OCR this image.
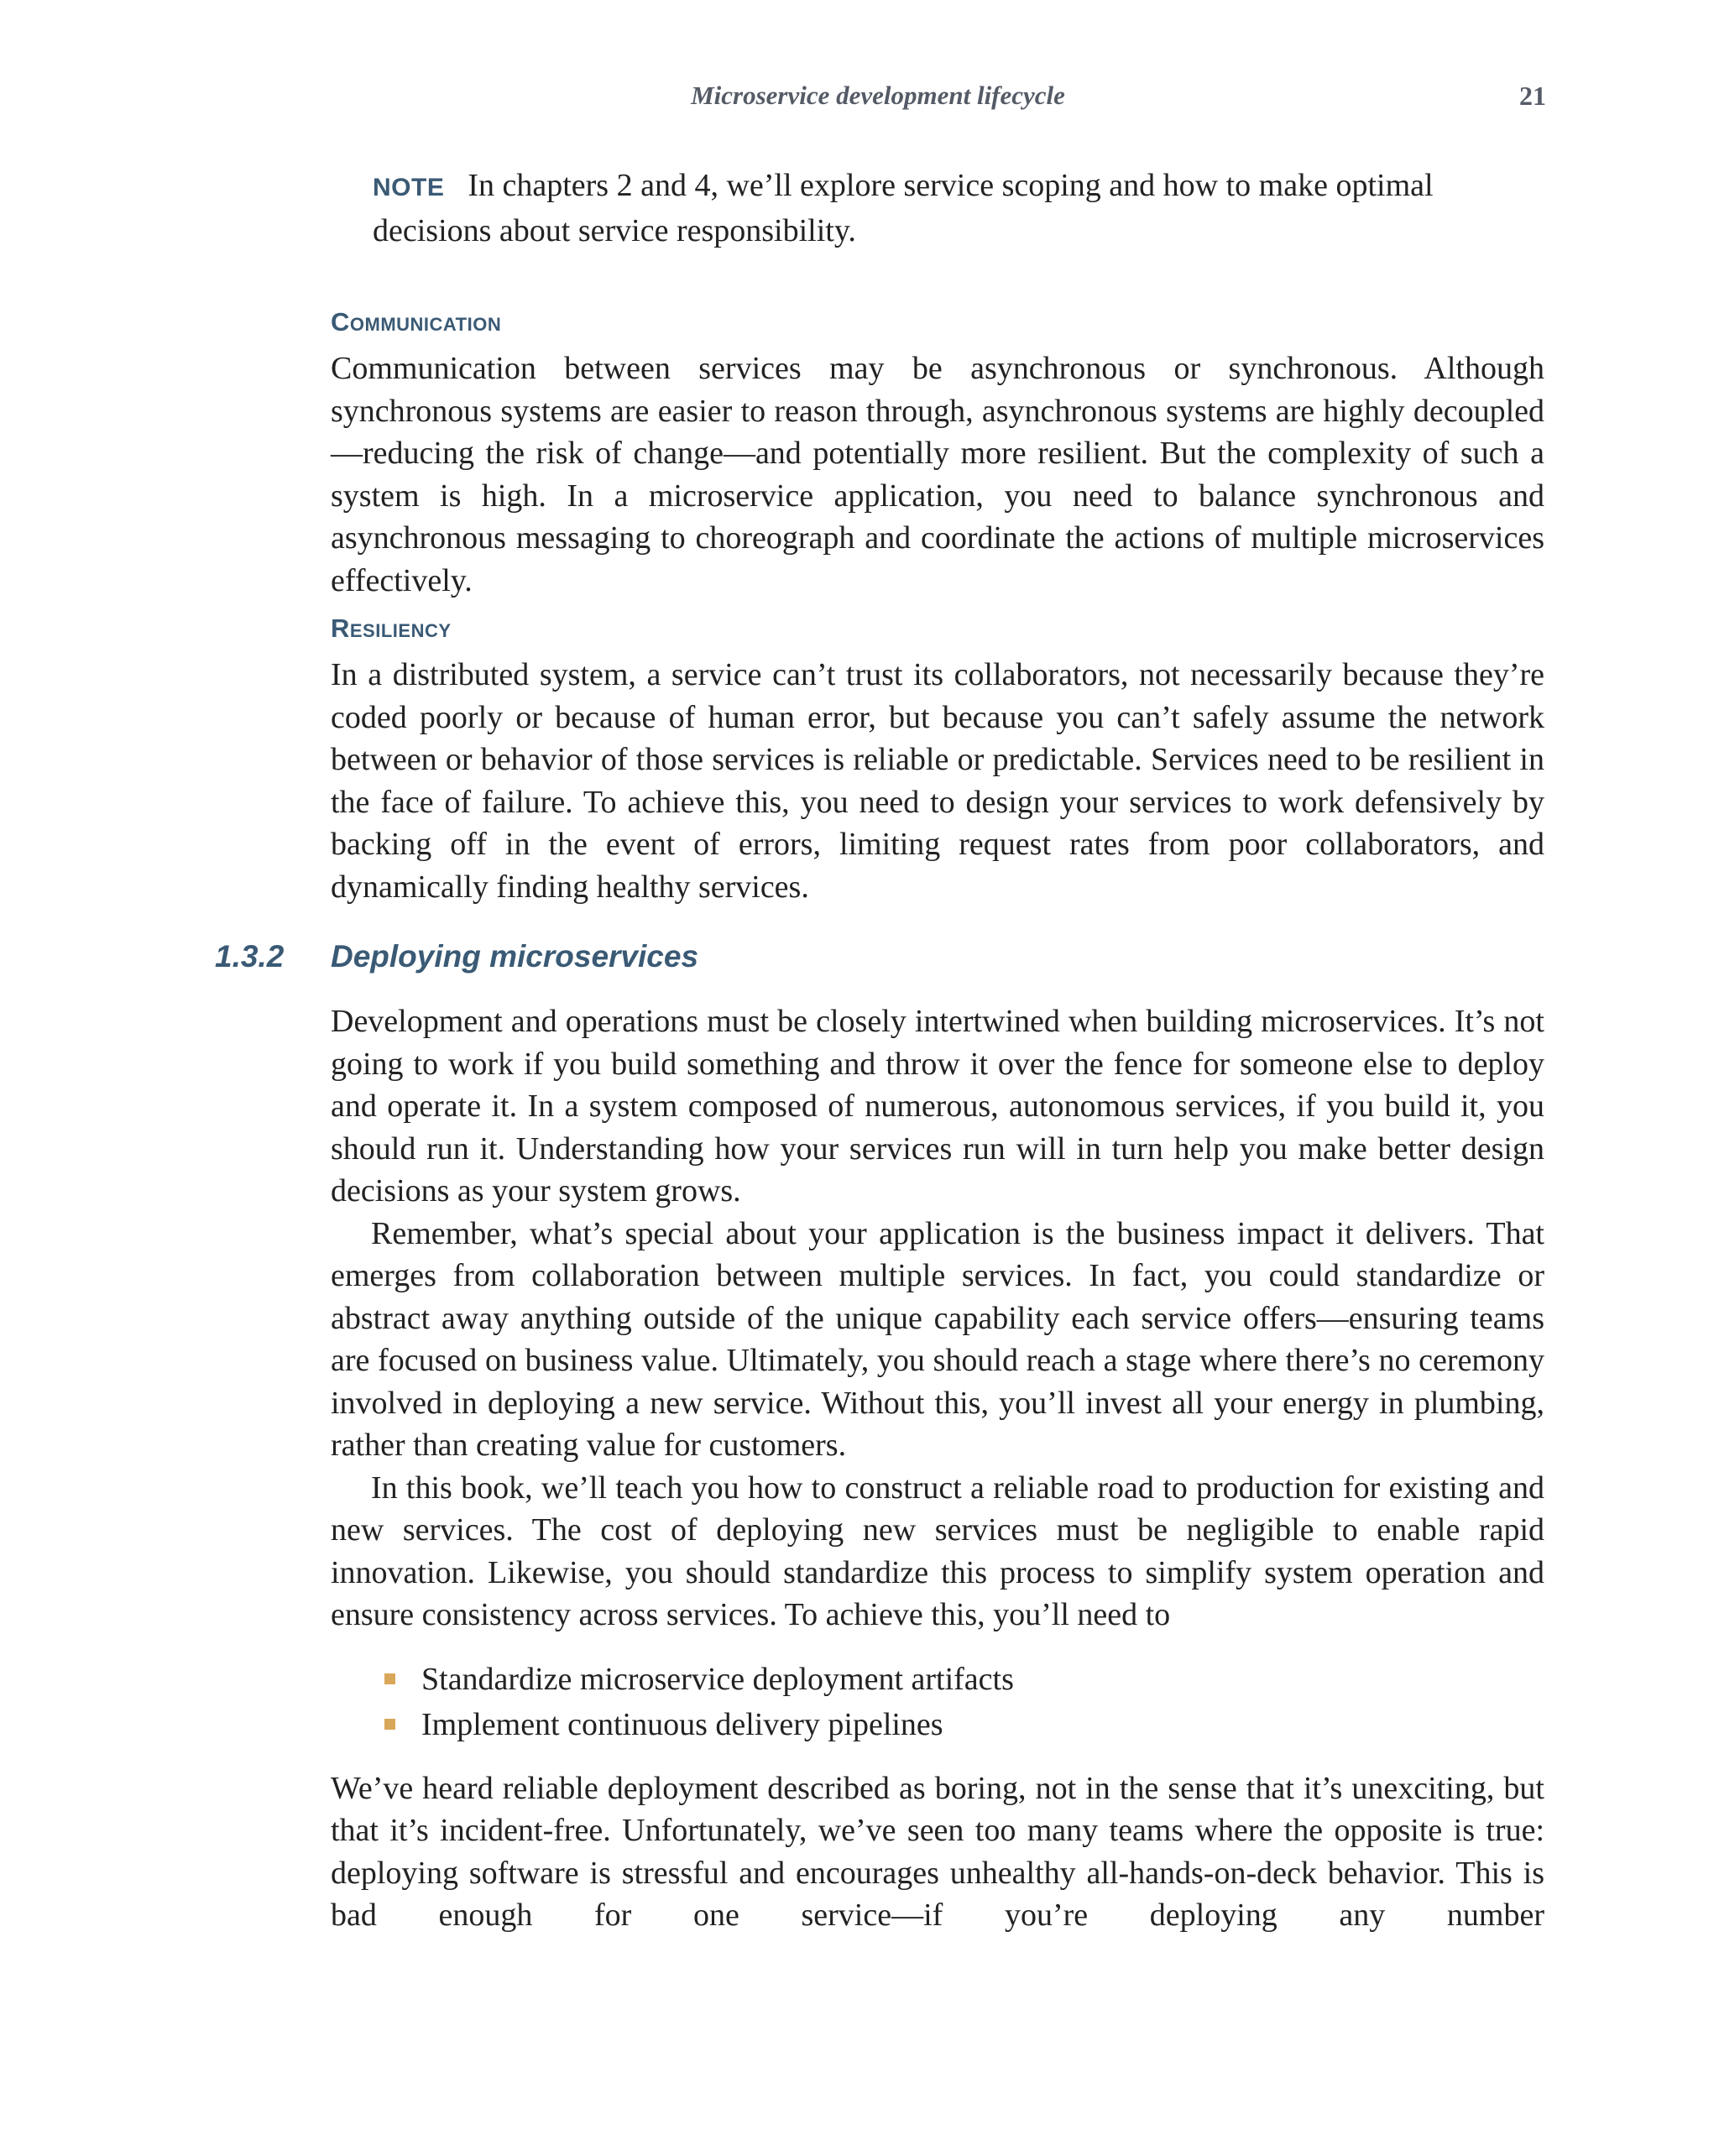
Microservice development lifecycle	21

NOTE In chapters 2 and 4, we’ll explore service scoping and how to make optimal decisions about service responsibility.

Communication

Communication between services may be asynchronous or synchronous. Although synchronous systems are easier to reason through, asynchronous systems are highly decoupled—reducing the risk of change—and potentially more resilient. But the complexity of such a system is high. In a microservice application, you need to balance synchronous and asynchronous messaging to choreograph and coordinate the actions of multiple microservices effectively.

Resiliency

In a distributed system, a service can’t trust its collaborators, not necessarily because they’re coded poorly or because of human error, but because you can’t safely assume the network between or behavior of those services is reliable or predictable. Services need to be resilient in the face of failure. To achieve this, you need to design your services to work defensively by backing off in the event of errors, limiting request rates from poor collaborators, and dynamically finding healthy services.

1.3.2 Deploying microservices

Development and operations must be closely intertwined when building microservices. It’s not going to work if you build something and throw it over the fence for someone else to deploy and operate it. In a system composed of numerous, autonomous services, if you build it, you should run it. Understanding how your services run will in turn help you make better design decisions as your system grows.

Remember, what’s special about your application is the business impact it delivers. That emerges from collaboration between multiple services. In fact, you could standardize or abstract away anything outside of the unique capability each service offers—ensuring teams are focused on business value. Ultimately, you should reach a stage where there’s no ceremony involved in deploying a new service. Without this, you’ll invest all your energy in plumbing, rather than creating value for customers.

In this book, we’ll teach you how to construct a reliable road to production for existing and new services. The cost of deploying new services must be negligible to enable rapid innovation. Likewise, you should standardize this process to simplify system operation and ensure consistency across services. To achieve this, you’ll need to

Standardize microservice deployment artifacts
Implement continuous delivery pipelines

We’ve heard reliable deployment described as boring, not in the sense that it’s unexciting, but that it’s incident-free. Unfortunately, we’ve seen too many teams where the opposite is true: deploying software is stressful and encourages unhealthy all-hands-on-deck behavior. This is bad enough for one service—if you’re deploying any number
